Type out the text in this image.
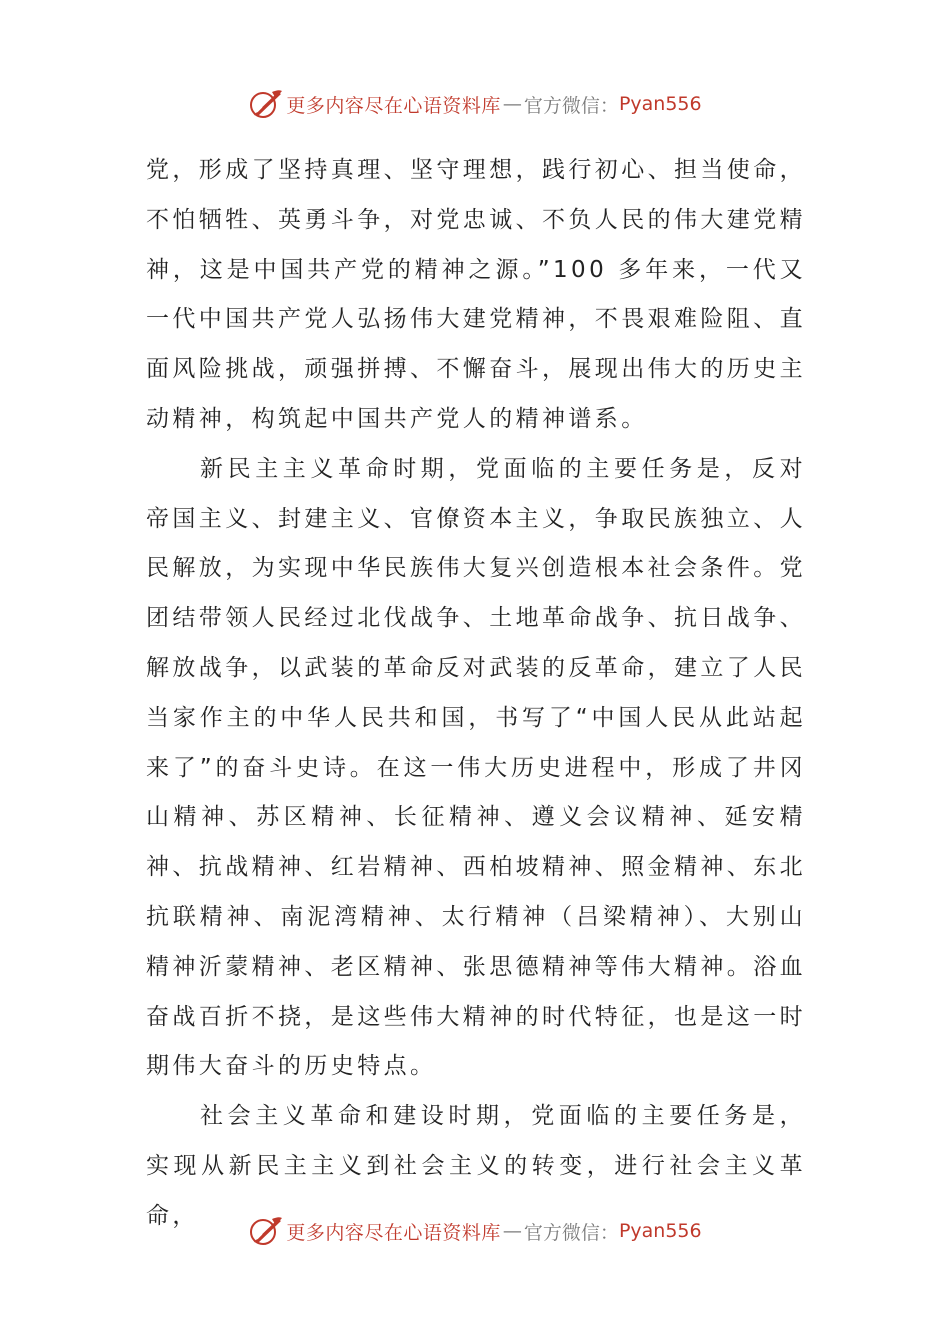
更多内容尽在心语资料库 — 官方微信： Pyan556

党，形成了坚持真理、坚守理想，践行初心、担当使命，不怕牺牲、英勇斗争，对党忠诚、不负人民的伟大建党精神，这是中国共产党的精神之源。”100 多年来，一代又一代中国共产党人弘扬伟大建党精神，不畏艰难险阻、直面风险挑战，顽强拼搏、不懈奋斗，展现出伟大的历史主动精神，构筑起中国共产党人的精神谱系。

新民主主义革命时期，党面临的主要任务是，反对帝国主义、封建主义、官僚资本主义，争取民族独立、人民解放，为实现中华民族伟大复兴创造根本社会条件。党团结带领人民经过北伐战争、土地革命战争、抗日战争、解放战争，以武装的革命反对武装的反革命，建立了人民当家作主的中华人民共和国，书写了“中国人民从此站起来了”的奋斗史诗。在这一伟大历史进程中，形成了井冈山精神、苏区精神、长征精神、遵义会议精神、延安精神、抗战精神、红岩精神、西柏坡精神、照金精神、东北抗联精神、南泥湾精神、太行精神（吕梁精神）、大别山精神沂蒙精神、老区精神、张思德精神等伟大精神。浴血奋战百折不挠，是这些伟大精神的时代特征，也是这一时期伟大奋斗的历史特点。

社会主义革命和建设时期，党面临的主要任务是，实现从新民主主义到社会主义的转变，进行社会主义革命，

更多内容尽在心语资料库 — 官方微信： Pyan556
